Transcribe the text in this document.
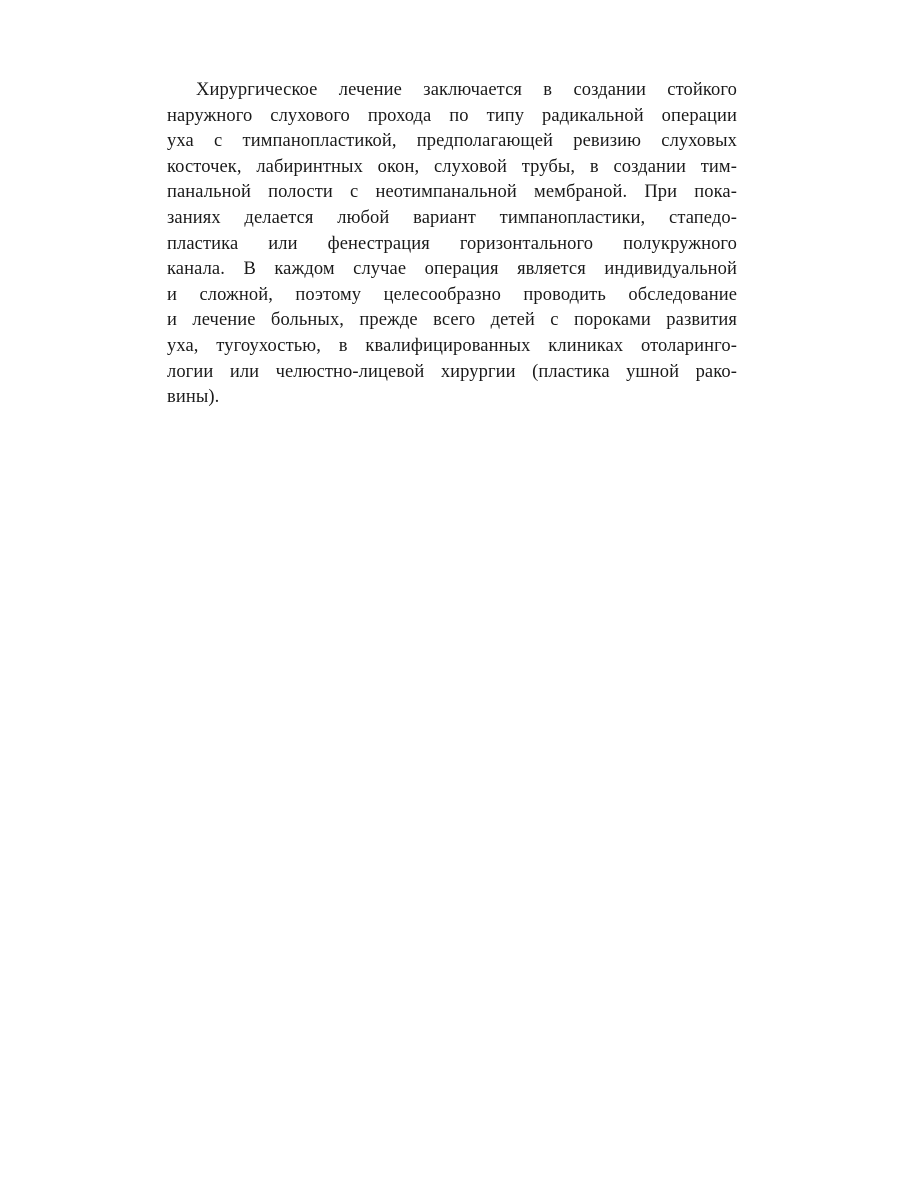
Хирургическое лечение заключается в создании стойкого
наружного слухового прохода по типу радикальной операции
уха с тимпанопластикой, предполагающей ревизию слуховых
косточек, лабиринтных окон, слуховой трубы, в создании тим-
панальной полости с неотимпанальной мембраной. При пока-
заниях делается любой вариант тимпанопластики, стапедо-
пластика или фенестрация горизонтального полукружного
канала. В каждом случае операция является индивидуальной
и сложной, поэтому целесообразно проводить обследование
и лечение больных, прежде всего детей с пороками развития
уха, тугоухостью, в квалифицированных клиниках отоларинго-
логии или челюстно-лицевой хирургии (пластика ушной рако-
вины).
